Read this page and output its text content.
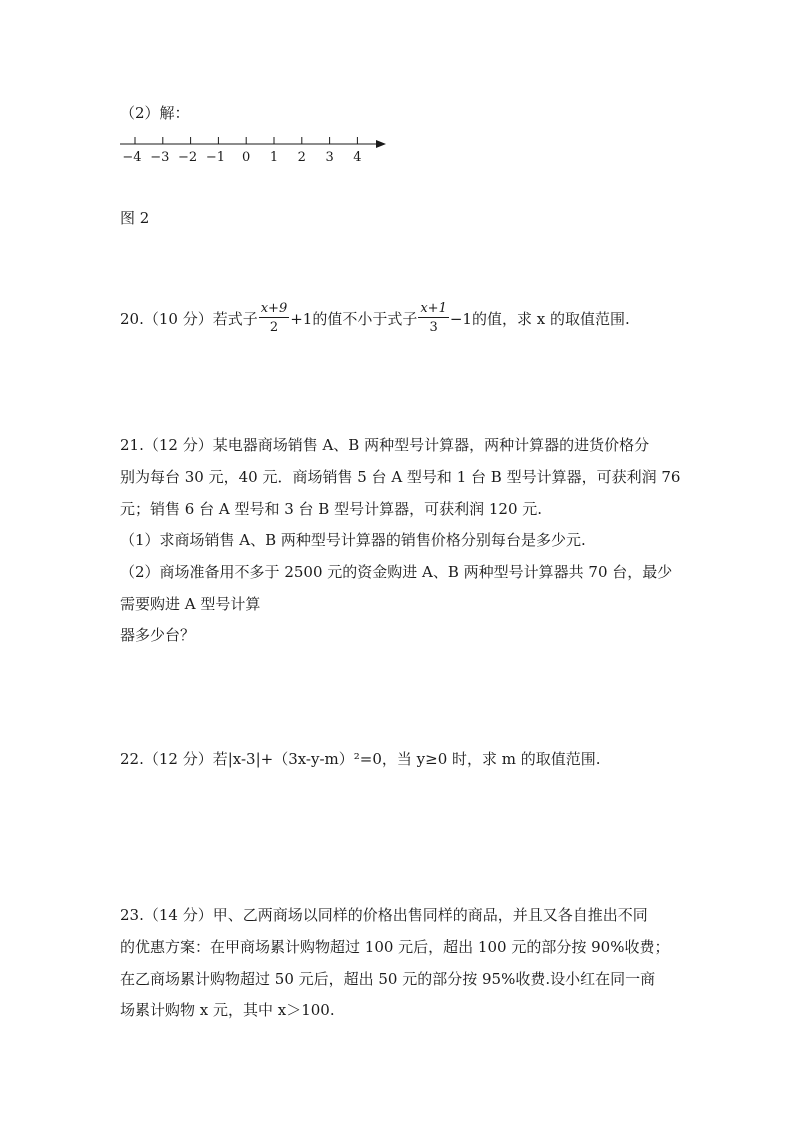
（2）解：
−4 −3 −2 −1 0 1 2 3 4
图 2
20.（10 分）若式子 $\frac{x+9}{2} +1$的值不小于式子 $\frac{x+1}{3} -1$的值，求 x 的取值范围.
21.（12 分）某电器商场销售 A、B 两种型号计算器，两种计算器的进货价格分
别为每台 30 元，40 元．商场销售 5 台 A 型号和 1 台 B 型号计算器，可获利润 76
元；销售 6 台 A 型号和 3 台 B 型号计算器，可获利润 120 元.
（1）求商场销售 A、B 两种型号计算器的销售价格分别每台是多少元.
（2）商场准备用不多于 2500 元的资金购进 A、B 两种型号计算器共 70 台，最少
需要购进 A 型号计算
器多少台？
22.（12 分）若|x-3|+（3x-y-m）²=0，当 y≥0 时，求 m 的取值范围.
23.（14 分）甲、乙两商场以同样的价格出售同样的商品，并且又各自推出不同
的优惠方案：在甲商场累计购物超过 100 元后，超出 100 元的部分按 90%收费；
在乙商场累计购物超过 50 元后，超出 50 元的部分按 95%收费.设小红在同一商
场累计购物 x 元，其中 x＞100.
